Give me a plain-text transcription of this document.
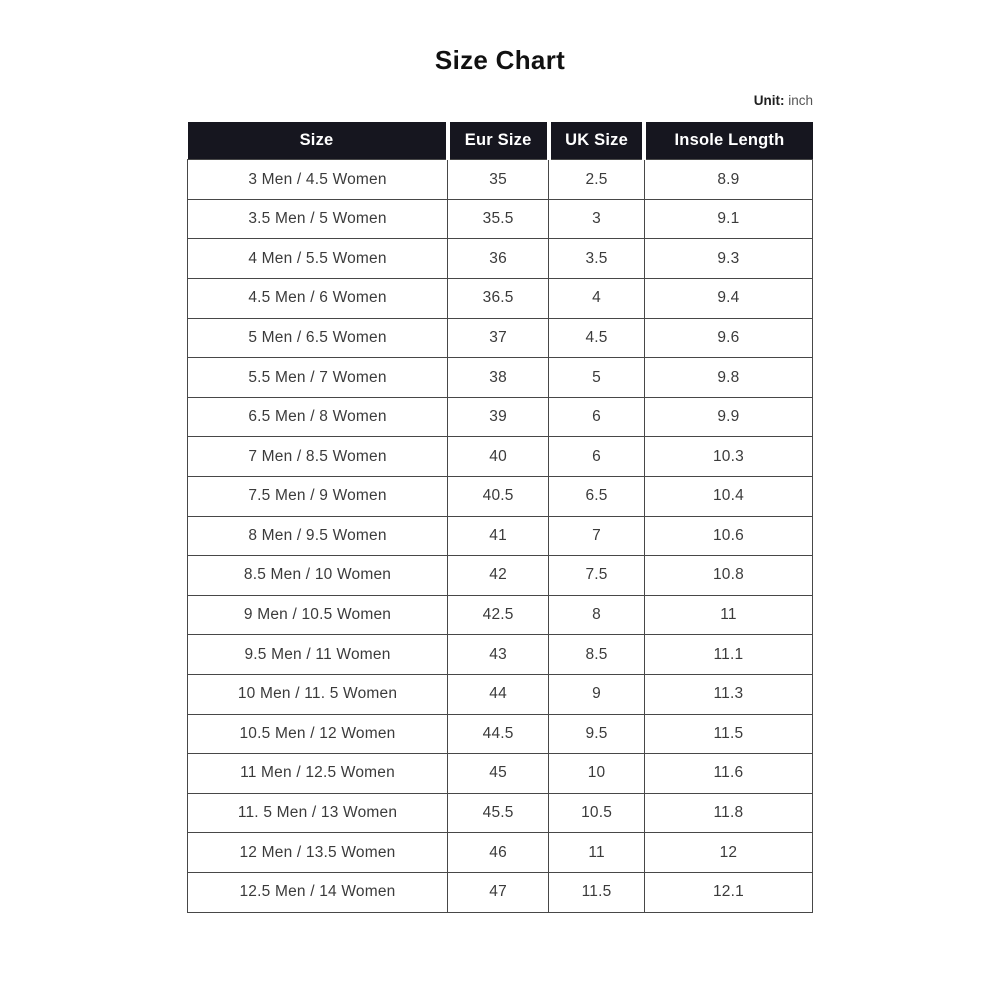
Size Chart
Unit: inch
Size	Eur Size	UK Size	Insole Length
3 Men / 4.5 Women	35	2.5	8.9
3.5 Men / 5 Women	35.5	3	9.1
4 Men / 5.5 Women	36	3.5	9.3
4.5 Men / 6 Women	36.5	4	9.4
5 Men / 6.5 Women	37	4.5	9.6
5.5 Men / 7 Women	38	5	9.8
6.5 Men / 8 Women	39	6	9.9
7 Men / 8.5 Women	40	6	10.3
7.5 Men / 9 Women	40.5	6.5	10.4
8 Men / 9.5 Women	41	7	10.6
8.5 Men / 10 Women	42	7.5	10.8
9 Men / 10.5 Women	42.5	8	11
9.5 Men / 11 Women	43	8.5	11.1
10 Men / 11. 5 Women	44	9	11.3
10.5 Men / 12 Women	44.5	9.5	11.5
11 Men / 12.5 Women	45	10	11.6
11. 5 Men / 13 Women	45.5	10.5	11.8
12 Men / 13.5 Women	46	11	12
12.5 Men / 14 Women	47	11.5	12.1
